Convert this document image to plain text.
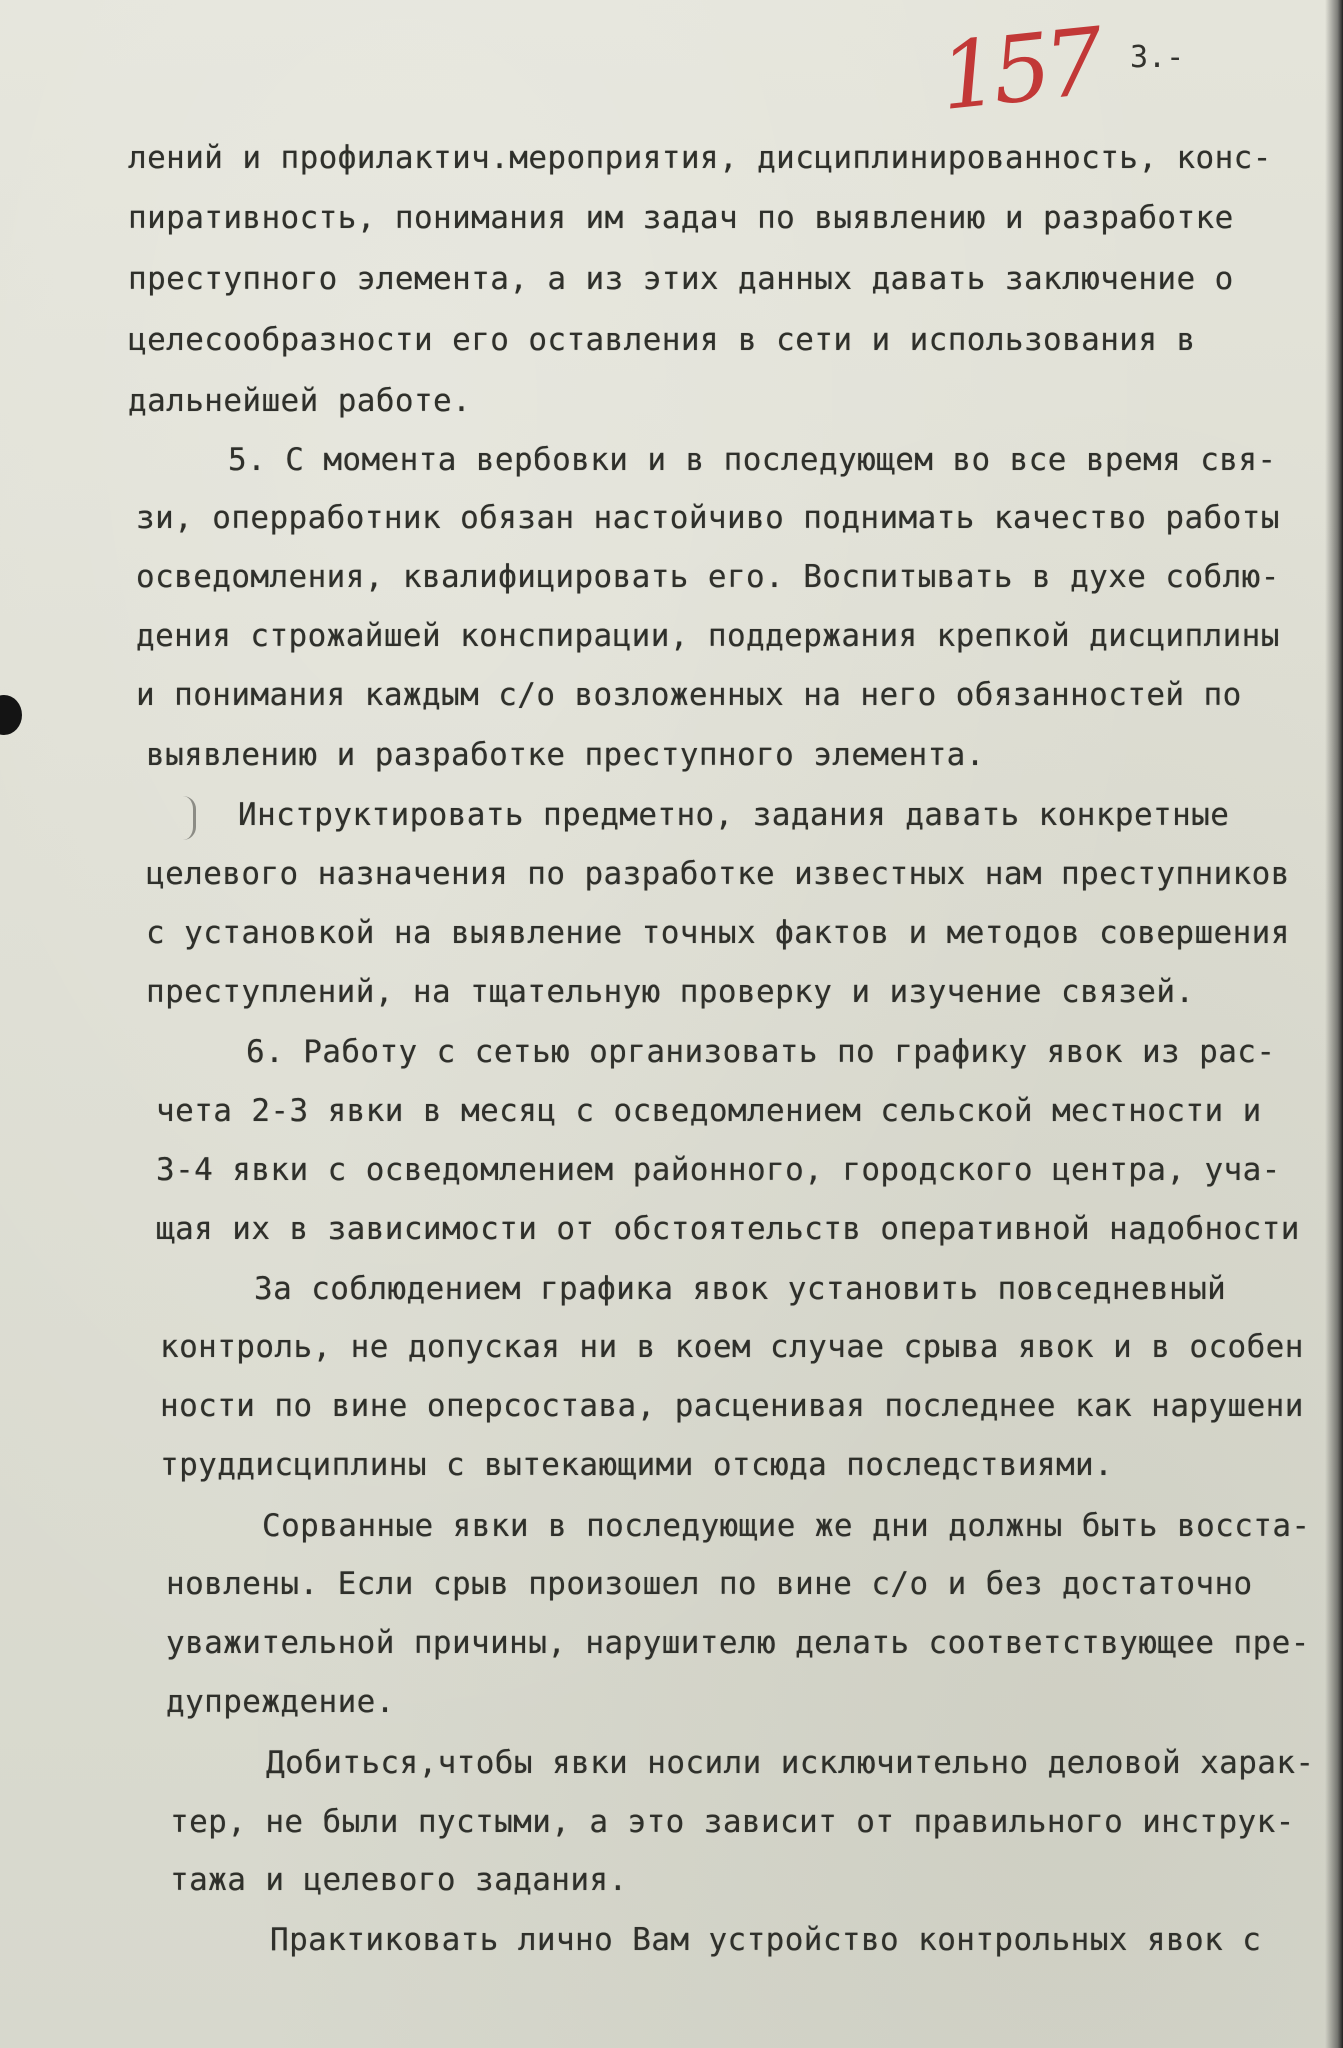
157 3.-
лений и профилактич.мероприятия, дисциплинированность, конс-
пиративность, понимания им задач по выявлению и разработке
преступного элемента, а из этих данных давать заключение о
целесообразности его оставления в сети и использования в
дальнейшей работе.
5. С момента вербовки и в последующем во все время свя-
зи, оперработник обязан настойчиво поднимать качество работы
осведомления, квалифицировать его. Воспитывать в духе соблю-
дения строжайшей конспирации, поддержания крепкой дисциплины
и понимания каждым с/о возложенных на него обязанностей по
выявлению и разработке преступного элемента.
Инструктировать предметно, задания давать конкретные
целевого назначения по разработке известных нам преступников
с установкой на выявление точных фактов и методов совершения
преступлений, на тщательную проверку и изучение связей.
6. Работу с сетью организовать по графику явок из рас-
чета 2-3 явки в месяц с осведомлением сельской местности и
3-4 явки с осведомлением районного, городского центра, уча-
щая их в зависимости от обстоятельств оперативной надобности
За соблюдением графика явок установить повседневный
контроль, не допуская ни в коем случае срыва явок и в особен
ности по вине оперсостава, расценивая последнее как нарушени
труддисциплины с вытекающими отсюда последствиями.
Сорванные явки в последующие же дни должны быть восста-
новлены. Если срыв произошел по вине с/о и без достаточно
уважительной причины, нарушителю делать соответствующее пре-
дупреждение.
Добиться,чтобы явки носили исключительно деловой харак-
тер, не были пустыми, а это зависит от правильного инструк-
тажа и целевого задания.
Практиковать лично Вам устройство контрольных явок с
